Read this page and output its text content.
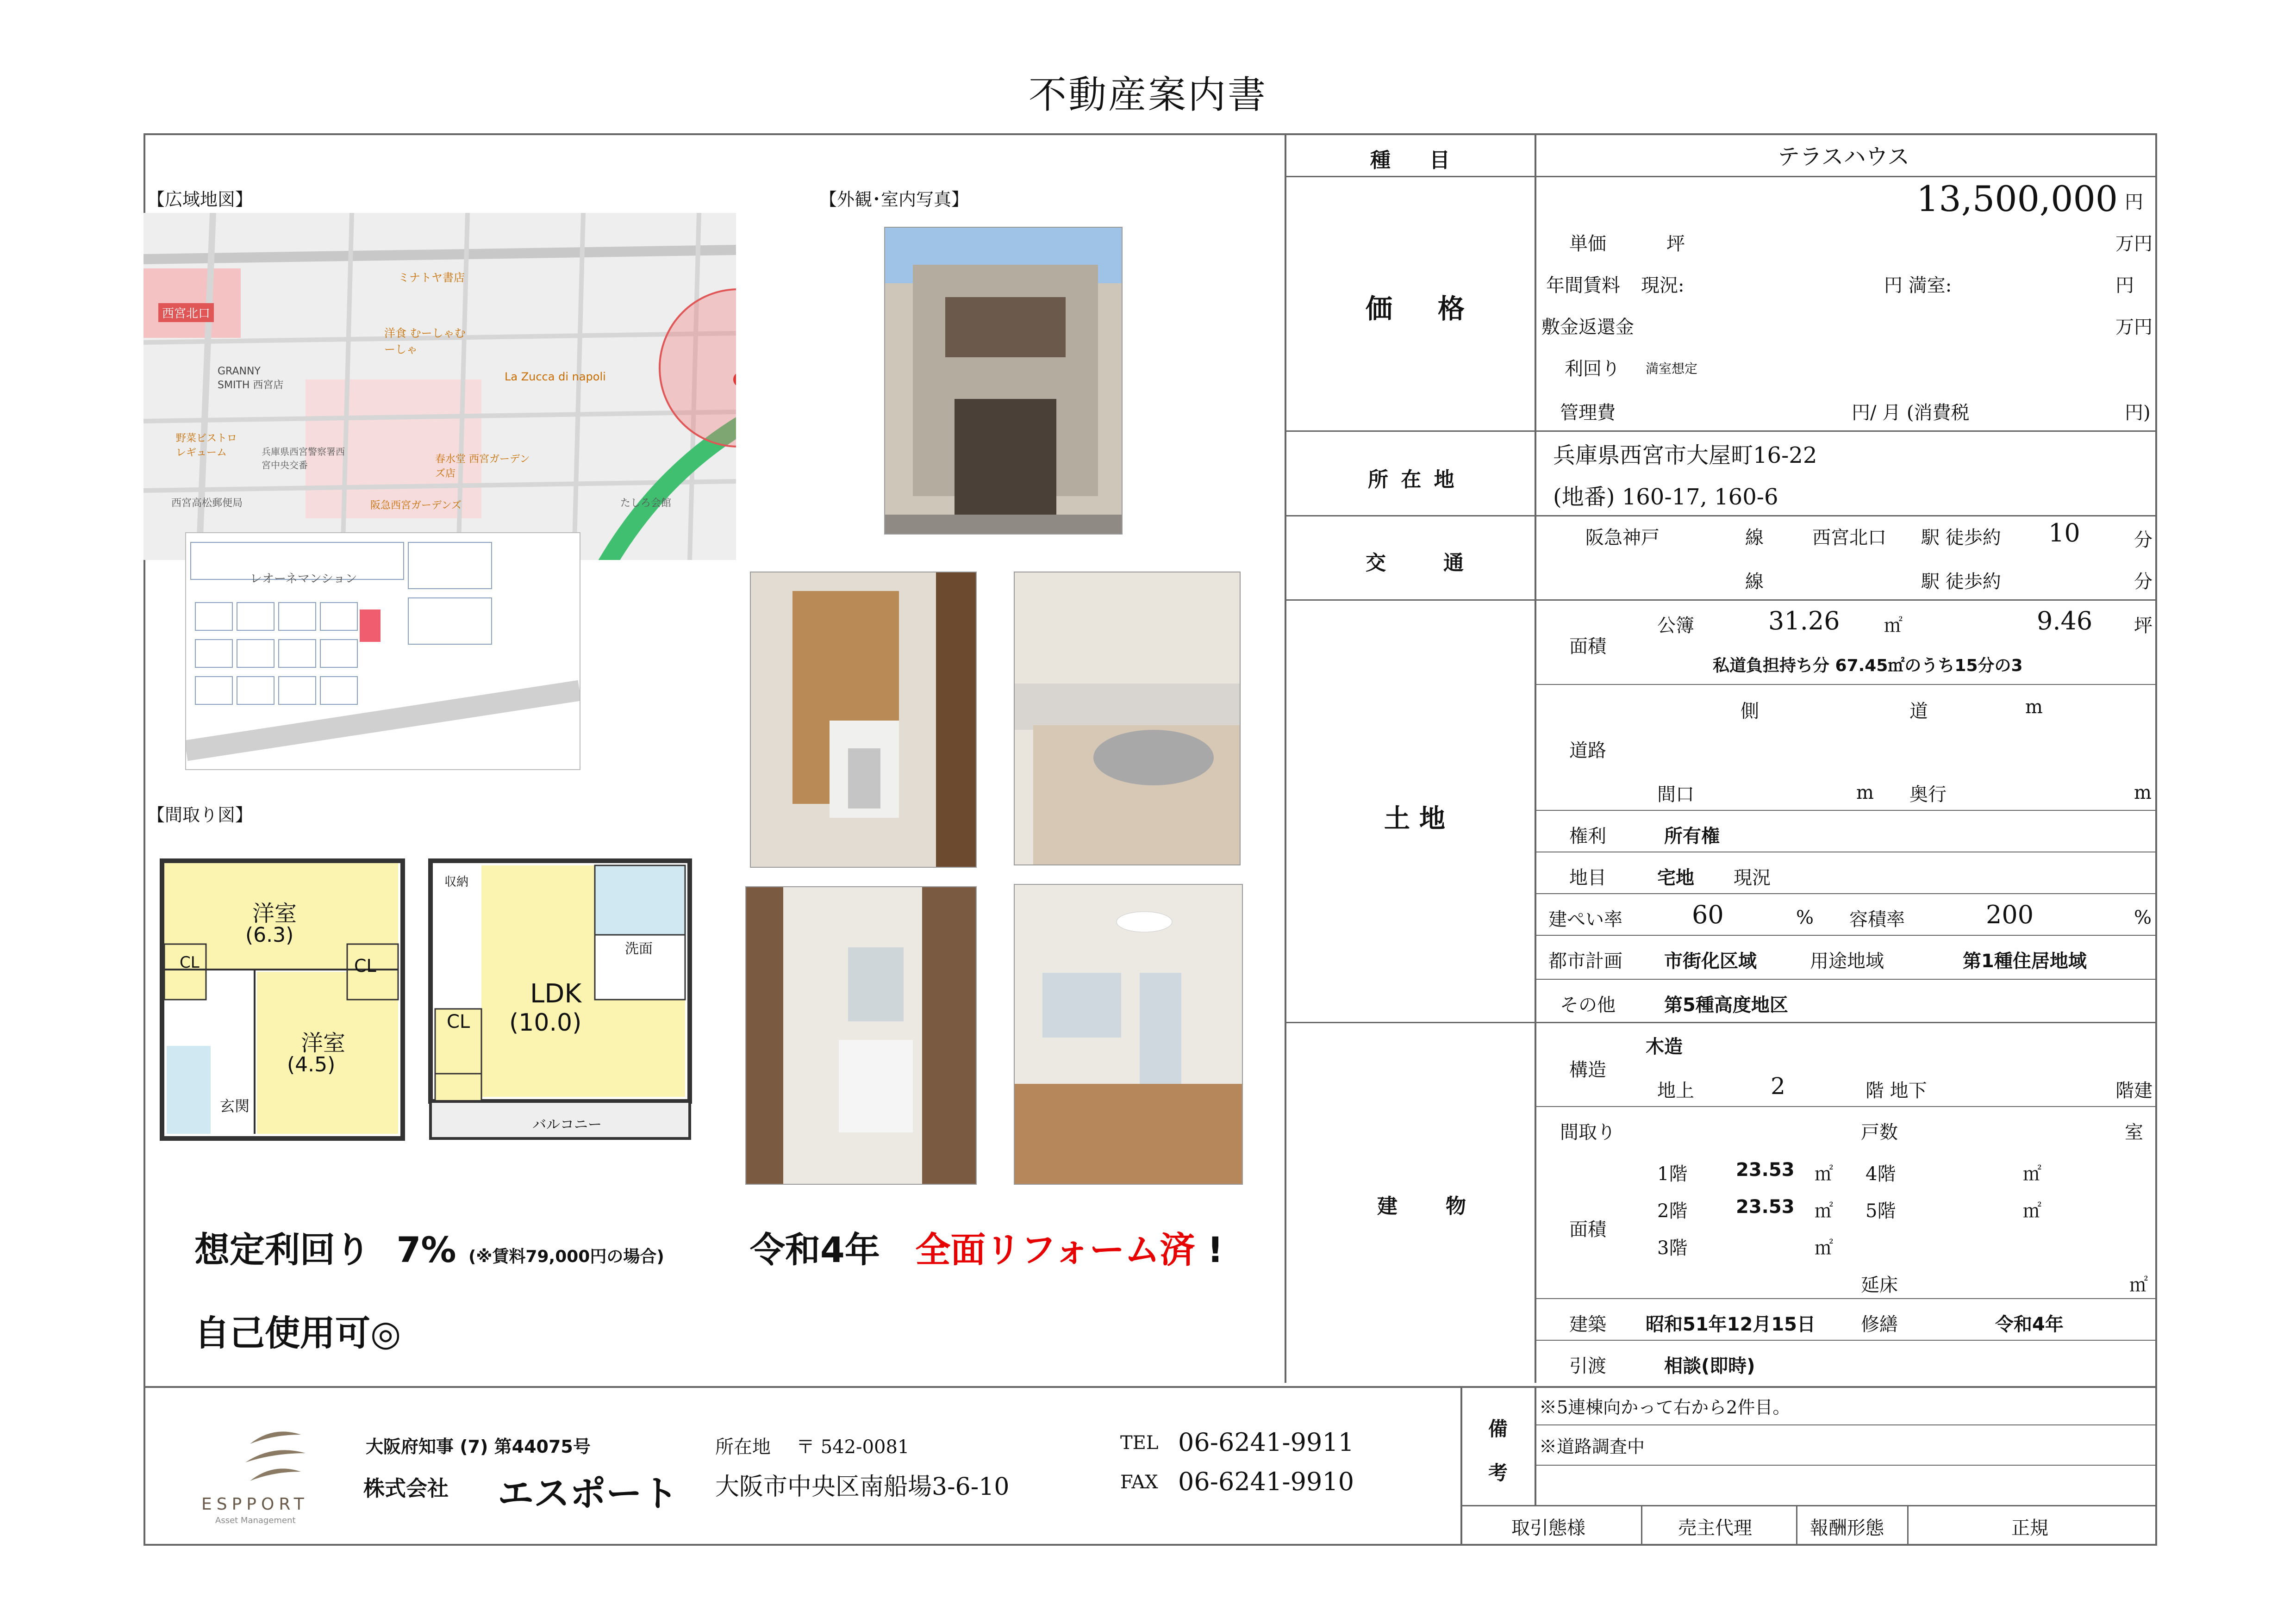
不動産案内書
【広域地図】	【外観･室内写真】
【間取り図】
西宮北口
GRANNY SMITH 西宮店
ミナトヤ書店
洋食 むーしゃむーしゃ
La Zucca di napoli
兵庫県西宮警察署西宮中央交番	春水堂 西宮ガーデンズ店
阪急西宮ガーデンズ
野菜ビストロ レギューム
西宮高松郵便局	たしろ会館
レオーネマンション
洋室
(6.3)
洋室
(4.5)
CL
CL
玄関
収納
洗面
LDK
(10.0)
CL
バルコニー
想定利回り 7% (※賃料79,000円の場合) 令和4年 全面リフォーム済 !
自己使用可◎
種　目	テラスハウス
価　格
13,500,000 円
単価	坪	万円
年間賃料 現況:	円 満室:	円
敷金返還金	万円
利回り 満室想定
管理費	円/ 月 (消費税	円)
所 在 地
兵庫県西宮市大屋町16-22
(地番) 160-17, 160-6
交　通
阪急神戸	線	西宮北口 駅 徒歩約 10	分
線	駅 徒歩約	分
土地
面積
公簿	31.26 ㎡	9.46 坪
私道負担持ち分 67.45㎡のうち15分の3
道路
側	道	m
間口	m 奥行	m
権利	所有権
地目	宅地 現況
建ぺい率	60	% 容積率	200	%
都市計画 市街化区域	用途地域	第1種住居地域
その他	第5種高度地区
建　物
構造
木造
地上	2	階 地下	階建
間取り	戸数	室
面積
1階	23.53 ㎡ 4階	㎡
2階	23.53 ㎡ 5階	㎡
3階	㎡
延床	㎡
建築 昭和51年12月15日 修繕	令和4年
引渡	相談(即時)
備　考
※5連棟向かって右から2件目。
※道路調査中
取引態様	売主代理	報酬形態	正規
ESPPORT
Asset Management
大阪府知事 (7) 第44075号
株式会社 エスポート
所在地 〒 542-0081
大阪市中央区南船場3-6-10
TEL 06-6241-9911
FAX 06-6241-9910
